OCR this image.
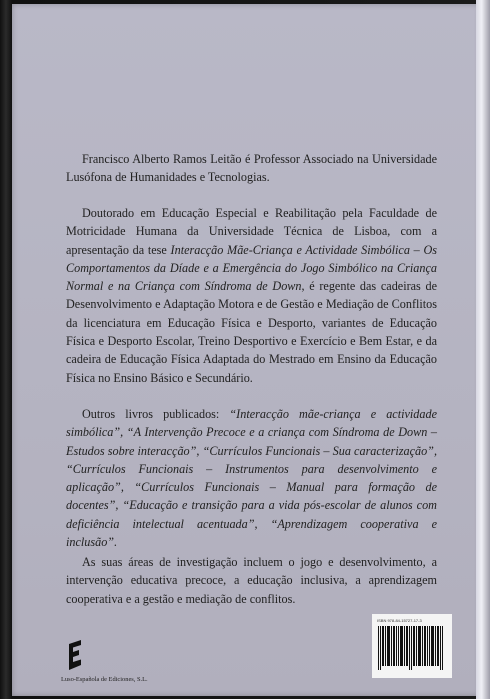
Francisco Alberto Ramos Leitão é Professor Associado na Universidade Lusófona de Humanidades e Tecnologias.

Doutorado em Educação Especial e Reabilitação pela Faculdade de Motricidade Humana da Universidade Técnica de Lisboa, com a apresentação da tese Interacção Mãe-Criança e Actividade Simbólica – Os Comportamentos da Díade e a Emergência do Jogo Simbólico na Criança Normal e na Criança com Síndroma de Down, é regente das cadeiras de Desenvolvimento e Adaptação Motora e de Gestão e Mediação de Conflitos da licenciatura em Educação Física e Desporto, variantes de Educação Física e Desporto Escolar, Treino Desportivo e Exercício e Bem Estar, e da cadeira de Educação Física Adaptada do Mestrado em Ensino da Educação Física no Ensino Básico e Secundário.

Outros livros publicados: “Interacção mãe-criança e actividade simbólica”, “A Intervenção Precoce e a criança com Síndroma de Down – Estudos sobre interacção”, “Currículos Funcionais – Sua caracterização”, “Currículos Funcionais – Instrumentos para desenvolvimento e aplicação”, “Currículos Funcionais – Manual para formação de docentes”, “Educação e transição para a vida pós-escolar de alunos com deficiência intelectual acentuada”, “Aprendizagem cooperativa e inclusão”.

As suas áreas de investigação incluem o jogo e desenvolvimento, a intervenção educativa precoce, a educação inclusiva, a aprendizagem cooperativa e a gestão e mediação de conflitos.

Luso-Española de Ediciones, S.L.
ISBN 978-84-15727-17-3
